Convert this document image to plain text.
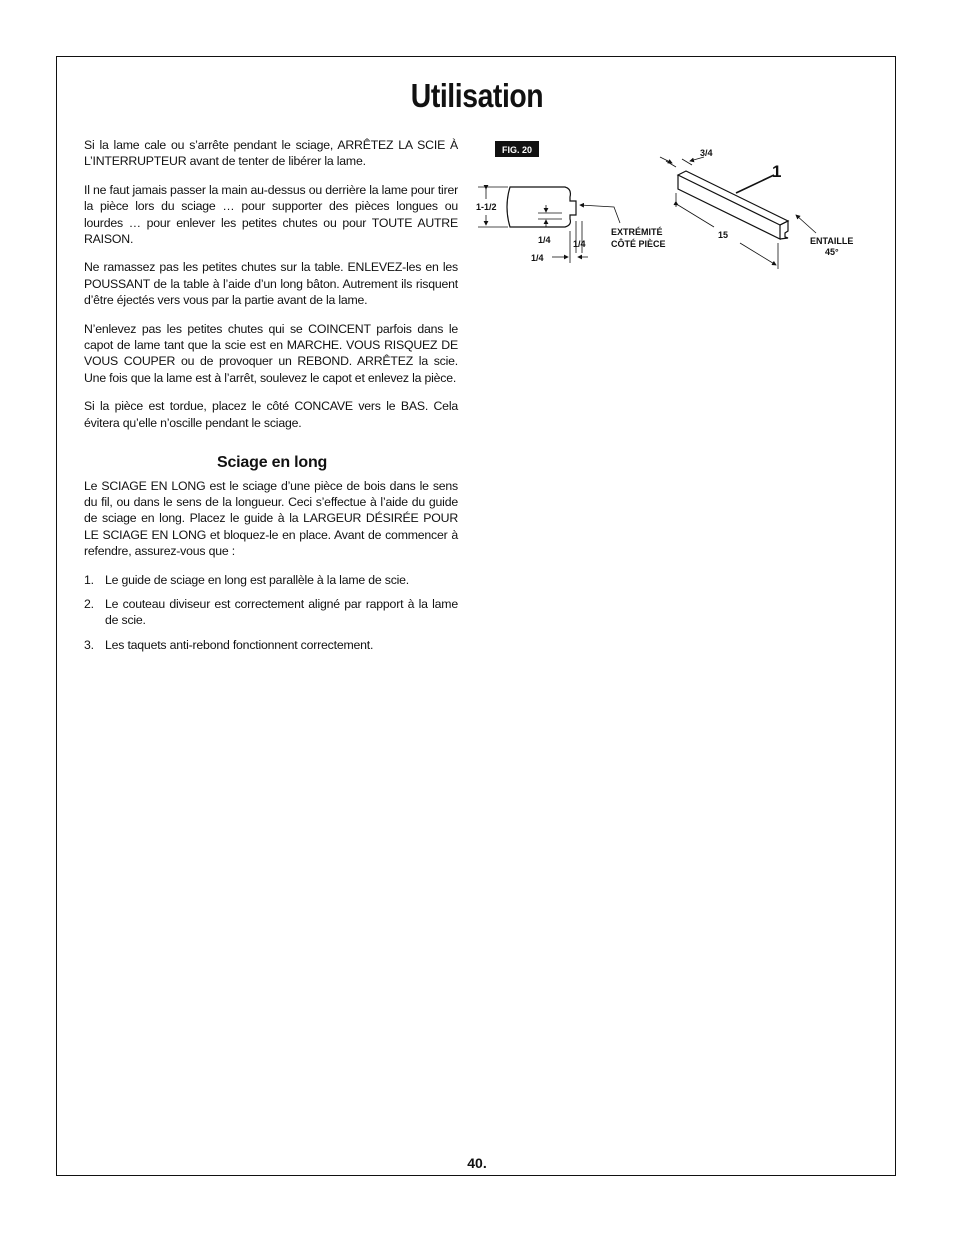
Utilisation

Si la lame cale ou s’arrête pendant le sciage, ARRÊTEZ LA SCIE À L’INTERRUPTEUR avant de tenter de libérer la lame.

Il ne faut jamais passer la main au-dessus ou derrière la lame pour tirer la pièce lors du sciage … pour supporter des pièces longues ou lourdes … pour enlever les petites chutes ou pour TOUTE AUTRE RAISON.

Ne ramassez pas les petites chutes sur la table. ENLEVEZ-les en les POUSSANT de la table à l’aide d’un long bâton. Autrement ils risquent d’être éjectés vers vous par la partie avant de la lame.

N’enlevez pas les petites chutes qui se COINCENT parfois dans le capot de lame tant que la scie est en MARCHE. VOUS RISQUEZ DE VOUS COUPER ou de provoquer un REBOND. ARRÊTEZ la scie. Une fois que la lame est à l’arrêt, soulevez le capot et enlevez la pièce.

Si la pièce est tordue, placez le côté CONCAVE vers le BAS. Cela évitera qu’elle n’oscille pendant le sciage.

Sciage en long

Le SCIAGE EN LONG est le sciage d’une pièce de bois dans le sens du fil, ou dans le sens de la longueur. Ceci s’effectue à l’aide du guide de sciage en long. Placez le guide à la LARGEUR DÉSIRÉE POUR LE SCIAGE EN LONG et bloquez-le en place. Avant de commencer à refendre, assurez-vous que :

1. Le guide de sciage en long est parallèle à la lame de scie.
2. Le couteau diviseur est correctement aligné par rapport à la lame de scie.
3. Les taquets anti-rebond fonctionnent correctement.
FIG. 20
1-1/2
1/4 1/4
1/4
EXTRÉMITÉ
CÔTÉ PIÈCE
3/4
15
1
ENTAILLE
45°
40.
